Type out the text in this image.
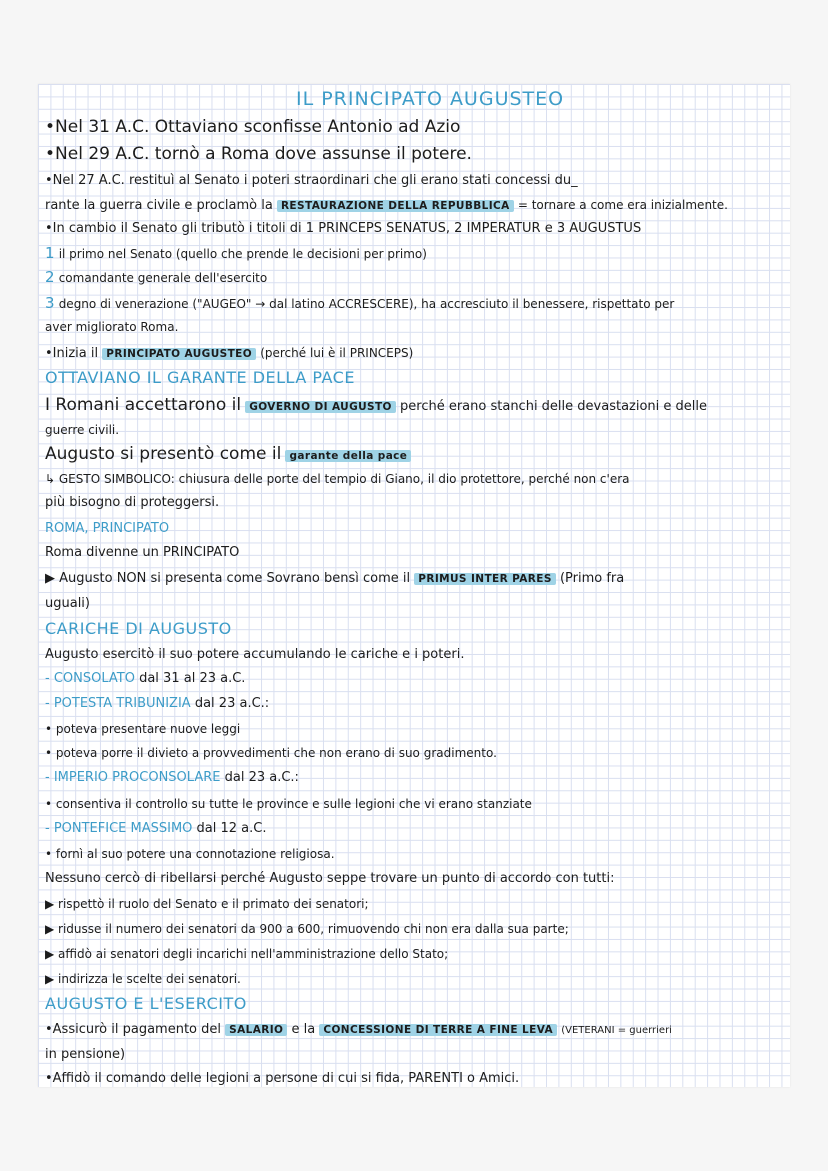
IL PRINCIPATO AUGUSTEO
•Nel 31 A.C. Ottaviano sconfisse Antonio ad Azio
•Nel 29 A.C. tornò a Roma dove assunse il potere.
•Nel 27 A.C. restituì al Senato i poteri straordinari che gli erano stati concessi du_
rante la guerra civile e proclamò la RESTAURAZIONE DELLA REPUBBLICA = tornare a come era inizialmente.
•In cambio il Senato gli tributò i titoli di 1 PRINCEPS SENATUS, 2 IMPERATUR e 3 AUGUSTUS
1 il primo nel Senato (quello che prende le decisioni per primo)
2 comandante generale dell'esercito
3 degno di venerazione ("AUGEO" → dal latino ACCRESCERE), ha accresciuto il benessere, rispettato per
aver migliorato Roma.
•Inizia il PRINCIPATO AUGUSTEO (perché lui è il PRINCEPS)
OTTAVIANO IL GARANTE DELLA PACE
I Romani accettarono il GOVERNO DI AUGUSTO perché erano stanchi delle devastazioni e delle
guerre civili.
Augusto si presentò come il garante della pace
↳ GESTO SIMBOLICO: chiusura delle porte del tempio di Giano, il dio protettore, perché non c'era
più bisogno di proteggersi.
ROMA, PRINCIPATO
Roma divenne un PRINCIPATO
▶ Augusto NON si presenta come Sovrano bensì come il PRIMUS INTER PARES (Primo fra
uguali)
CARICHE DI AUGUSTO
Augusto esercitò il suo potere accumulando le cariche e i poteri.
- CONSOLATO dal 31 al 23 a.C.
- POTESTA TRIBUNIZIA dal 23 a.C.:
• poteva presentare nuove leggi
• poteva porre il divieto a provvedimenti che non erano di suo gradimento.
- IMPERIO PROCONSOLARE dal 23 a.C.:
• consentiva il controllo su tutte le province e sulle legioni che vi erano stanziate
- PONTEFICE MASSIMO dal 12 a.C.
• fornì al suo potere una connotazione religiosa.
Nessuno cercò di ribellarsi perché Augusto seppe trovare un punto di accordo con tutti:
▶ rispettò il ruolo del Senato e il primato dei senatori;
▶ ridusse il numero dei senatori da 900 a 600, rimuovendo chi non era dalla sua parte;
▶ affidò ai senatori degli incarichi nell'amministrazione dello Stato;
▶ indirizza le scelte dei senatori.
AUGUSTO E L'ESERCITO
•Assicurò il pagamento del SALARIO e la CONCESSIONE DI TERRE A FINE LEVA (VETERANI = guerrieri
in pensione)
•Affidò il comando delle legioni a persone di cui si fida, PARENTI o Amici.
